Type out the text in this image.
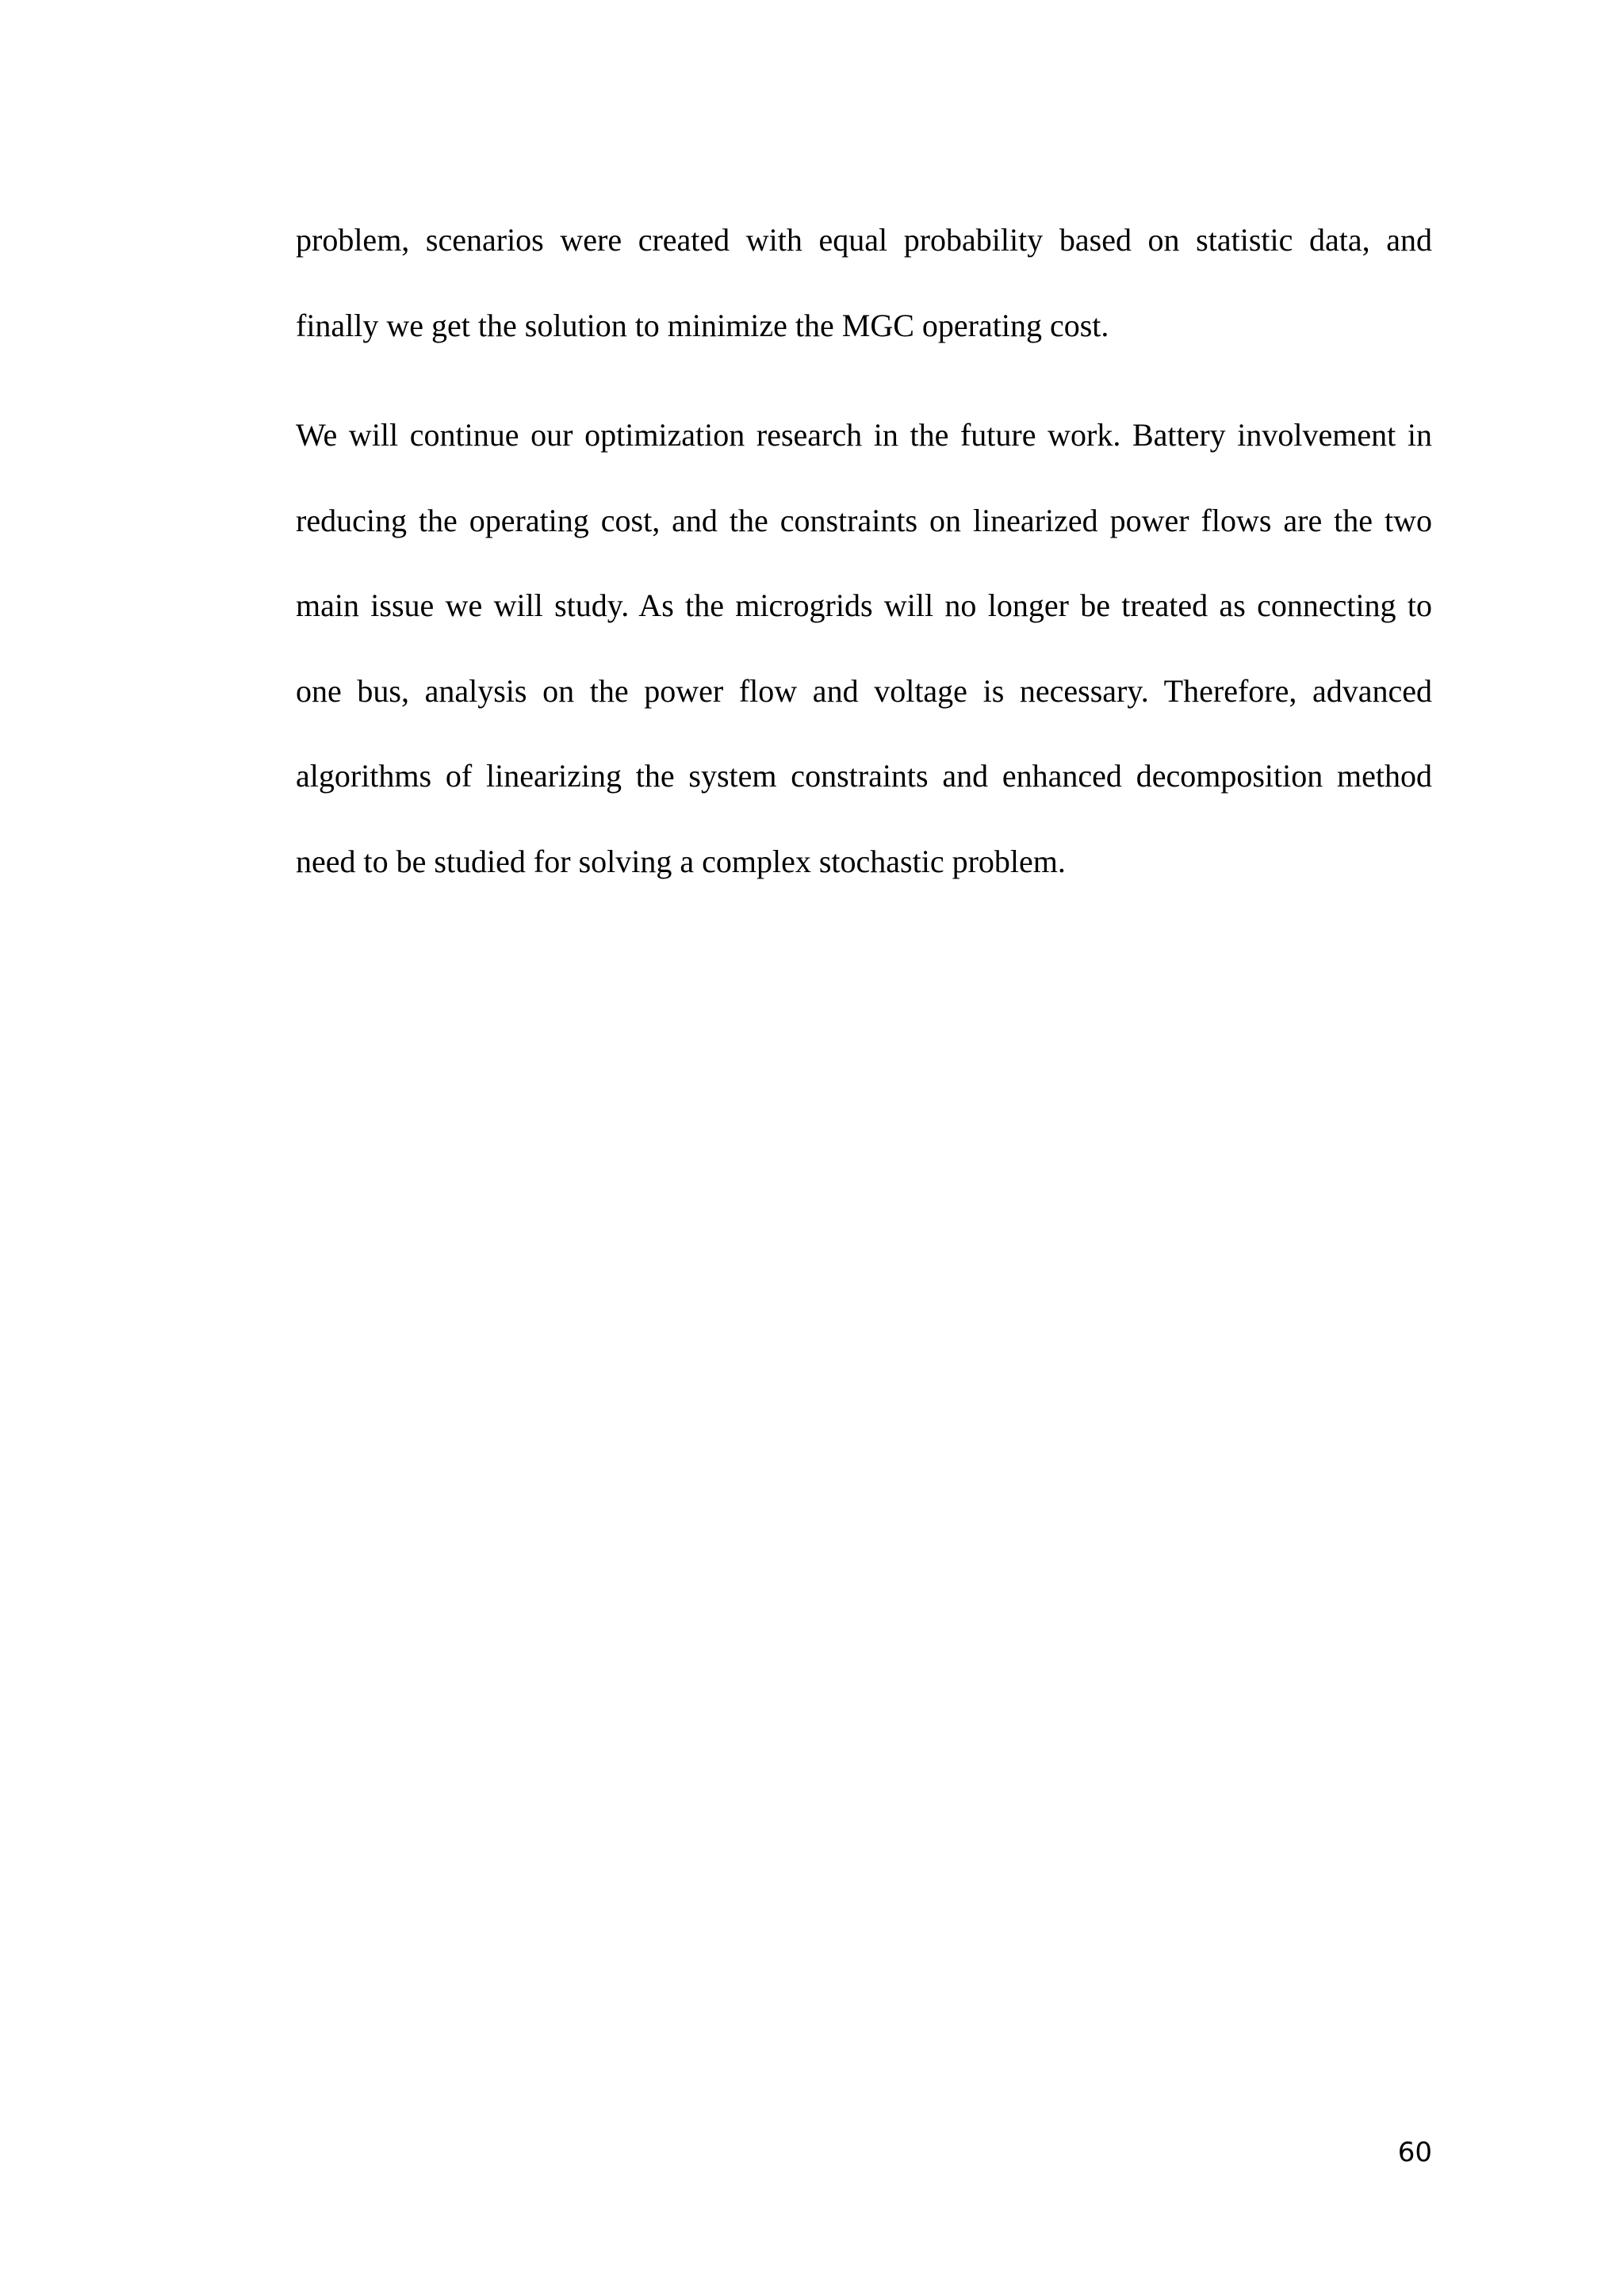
problem, scenarios were created with equal probability based on statistic data, and
finally we get the solution to minimize the MGC operating cost.
We will continue our optimization research in the future work. Battery involvement in
reducing the operating cost, and the constraints on linearized power flows are the two
main issue we will study. As the microgrids will no longer be treated as connecting to
one bus, analysis on the power flow and voltage is necessary. Therefore, advanced
algorithms of linearizing the system constraints and enhanced decomposition method
need to be studied for solving a complex stochastic problem.
60
